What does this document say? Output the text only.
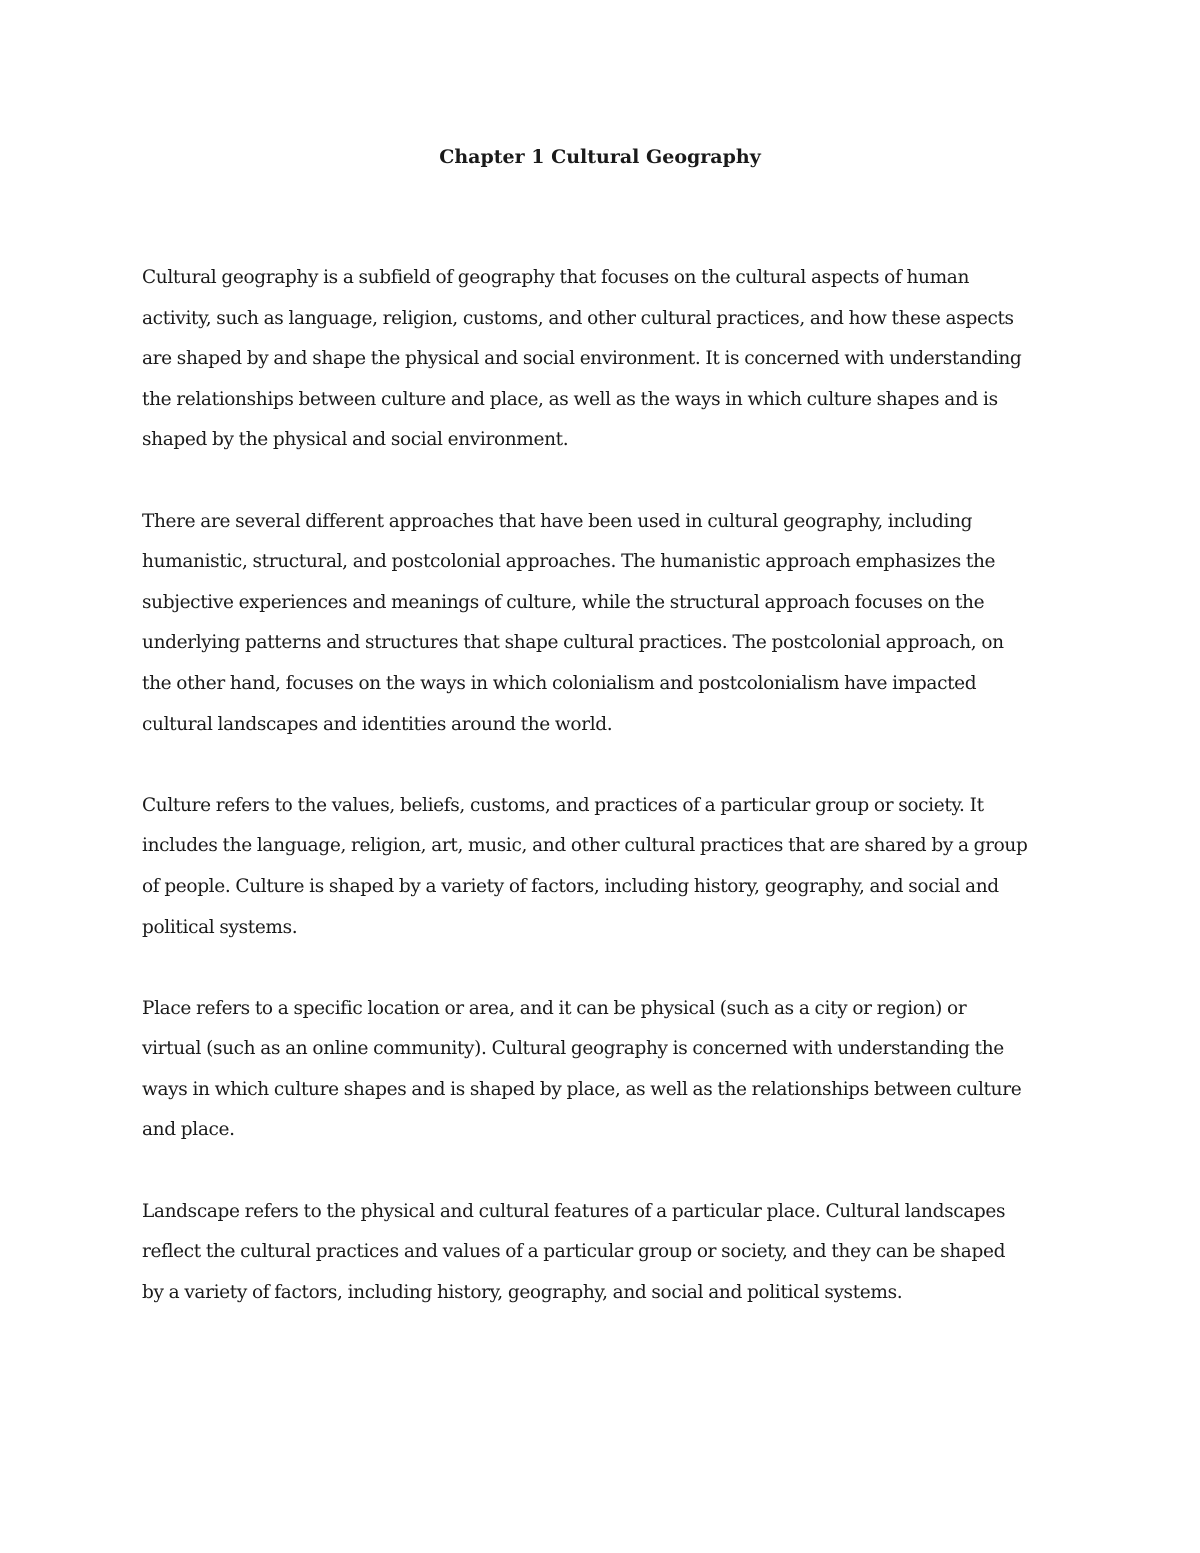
Chapter 1 Cultural Geography

Cultural geography is a subfield of geography that focuses on the cultural aspects of human
activity, such as language, religion, customs, and other cultural practices, and how these aspects
are shaped by and shape the physical and social environment. It is concerned with understanding
the relationships between culture and place, as well as the ways in which culture shapes and is
shaped by the physical and social environment.

There are several different approaches that have been used in cultural geography, including
humanistic, structural, and postcolonial approaches. The humanistic approach emphasizes the
subjective experiences and meanings of culture, while the structural approach focuses on the
underlying patterns and structures that shape cultural practices. The postcolonial approach, on
the other hand, focuses on the ways in which colonialism and postcolonialism have impacted
cultural landscapes and identities around the world.

Culture refers to the values, beliefs, customs, and practices of a particular group or society. It
includes the language, religion, art, music, and other cultural practices that are shared by a group
of people. Culture is shaped by a variety of factors, including history, geography, and social and
political systems.

Place refers to a specific location or area, and it can be physical (such as a city or region) or
virtual (such as an online community). Cultural geography is concerned with understanding the
ways in which culture shapes and is shaped by place, as well as the relationships between culture
and place.

Landscape refers to the physical and cultural features of a particular place. Cultural landscapes
reflect the cultural practices and values of a particular group or society, and they can be shaped
by a variety of factors, including history, geography, and social and political systems.
